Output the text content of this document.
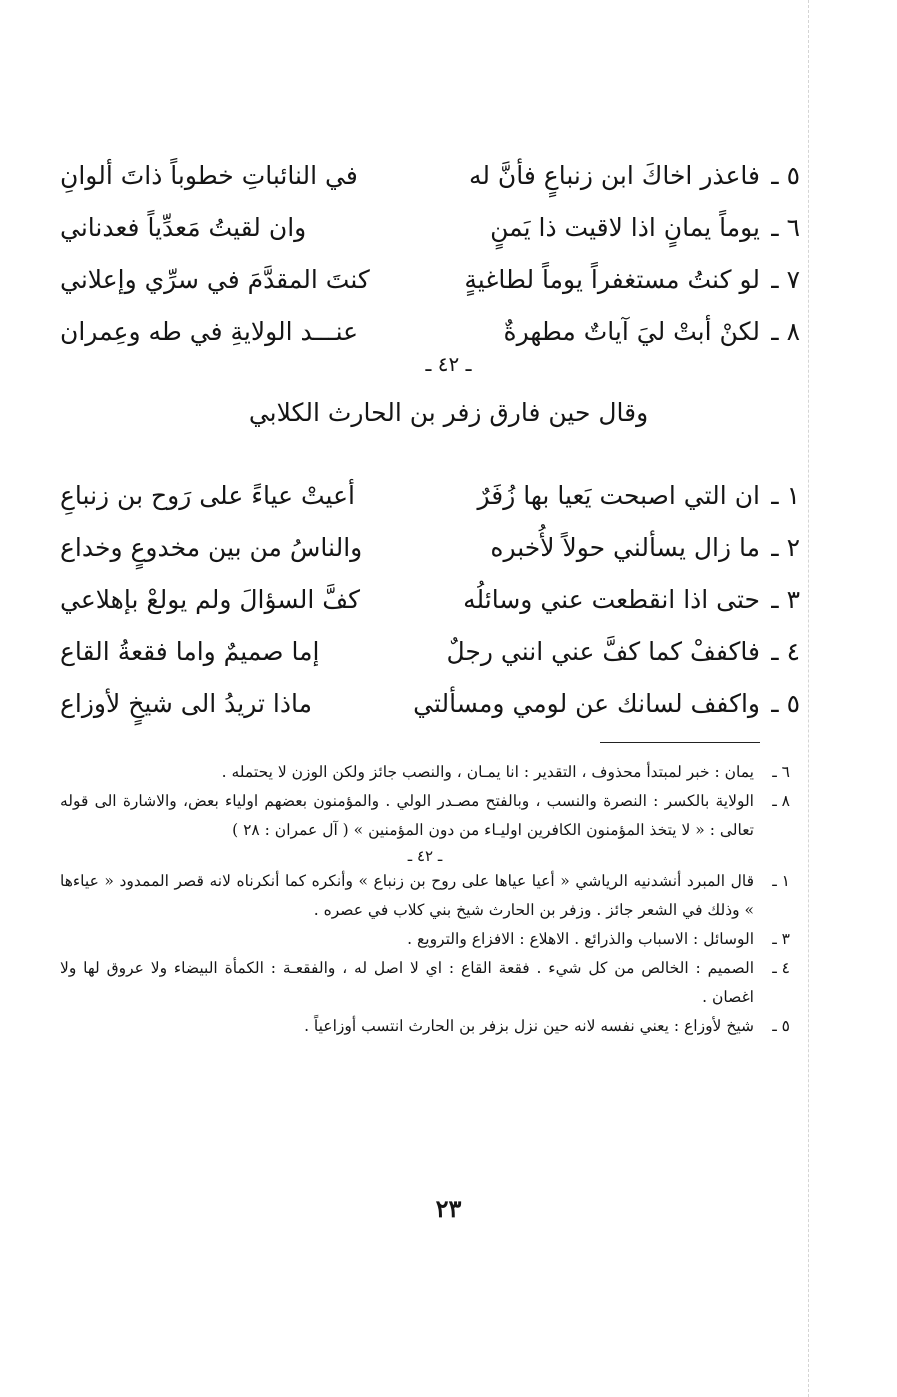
٥ ـ
فاعذر اخاكَ ابن زنباعٍ فأنَّ له
في النائباتِ خطوباً ذاتَ ألوانِ
٦ ـ
يوماً يمانٍ اذا لاقيت ذا يَمنٍ
وان لقيتُ مَعدِّياً فعدناني
٧ ـ
لو كنتُ مستغفراً يوماً لطاغيةٍ
كنتَ المقدَّمَ في سرِّي وإعلاني
٨ ـ
لكنْ أبتْ ليَ آياتٌ مطهرةٌ
عنـــد الولايةِ في طه وعِمران
ـ ٤٢ ـ
وقال حين فارق زفر بن الحارث الكلابي
١ ـ
ان التي اصبحت يَعيا بها زُفَرٌ
أعيتْ عياءً على رَوح بن زنباعِ
٢ ـ
ما زال يسألني حولاً لأُخبره
والناسُ من بين مخدوعٍ وخداع
٣ ـ
حتى اذا انقطعت عني وسائلُه
كفَّ السؤالَ ولم يولعْ بإهلاعي
٤ ـ
فاكففْ كما كفَّ عني انني رجلٌ
إما صميمٌ واما فقعةُ القاع
٥ ـ
واكفف لسانك عن لومي ومسألتي
ماذا تريدُ الى شيخٍ لأوزاع
٦ ـ
يمان : خبر لمبتدأ محذوف ، التقدير : انا يمـان ، والنصب جائز ولكن الوزن لا يحتمله .
٨ ـ
الولاية بالكسر : النصرة والنسب ، وبالفتح مصـدر الولي . والمؤمنون بعضهم اولياء بعض، والاشارة الى قوله تعالى : « لا يتخذ المؤمنون الكافرين اوليـاء من دون المؤمنين » ( آل عمران : ٢٨ )
ـ ٤٢ ـ
١ ـ
قال المبرد أنشدنيه الرياشي « أعيا عياها على روح بن زنباع » وأنكره كما أنكرناه لانه قصر الممدود « عياءها » وذلك في الشعر جائز . وزفر بن الحارث شيخ بني كلاب في عصره .
٣ ـ
الوسائل : الاسباب والذرائع . الاهلاع : الافزاع والترويع .
٤ ـ
الصميم : الخالص من كل شيء . فقعة القاع : اي لا اصل له ، والفقعـة : الكمأة البيضاء ولا عروق لها ولا اغصان .
٥ ـ
شيخ لأوزاع : يعني نفسه لانه حين نزل بزفر بن الحارث انتسب أوزاعياً .
٢٣
